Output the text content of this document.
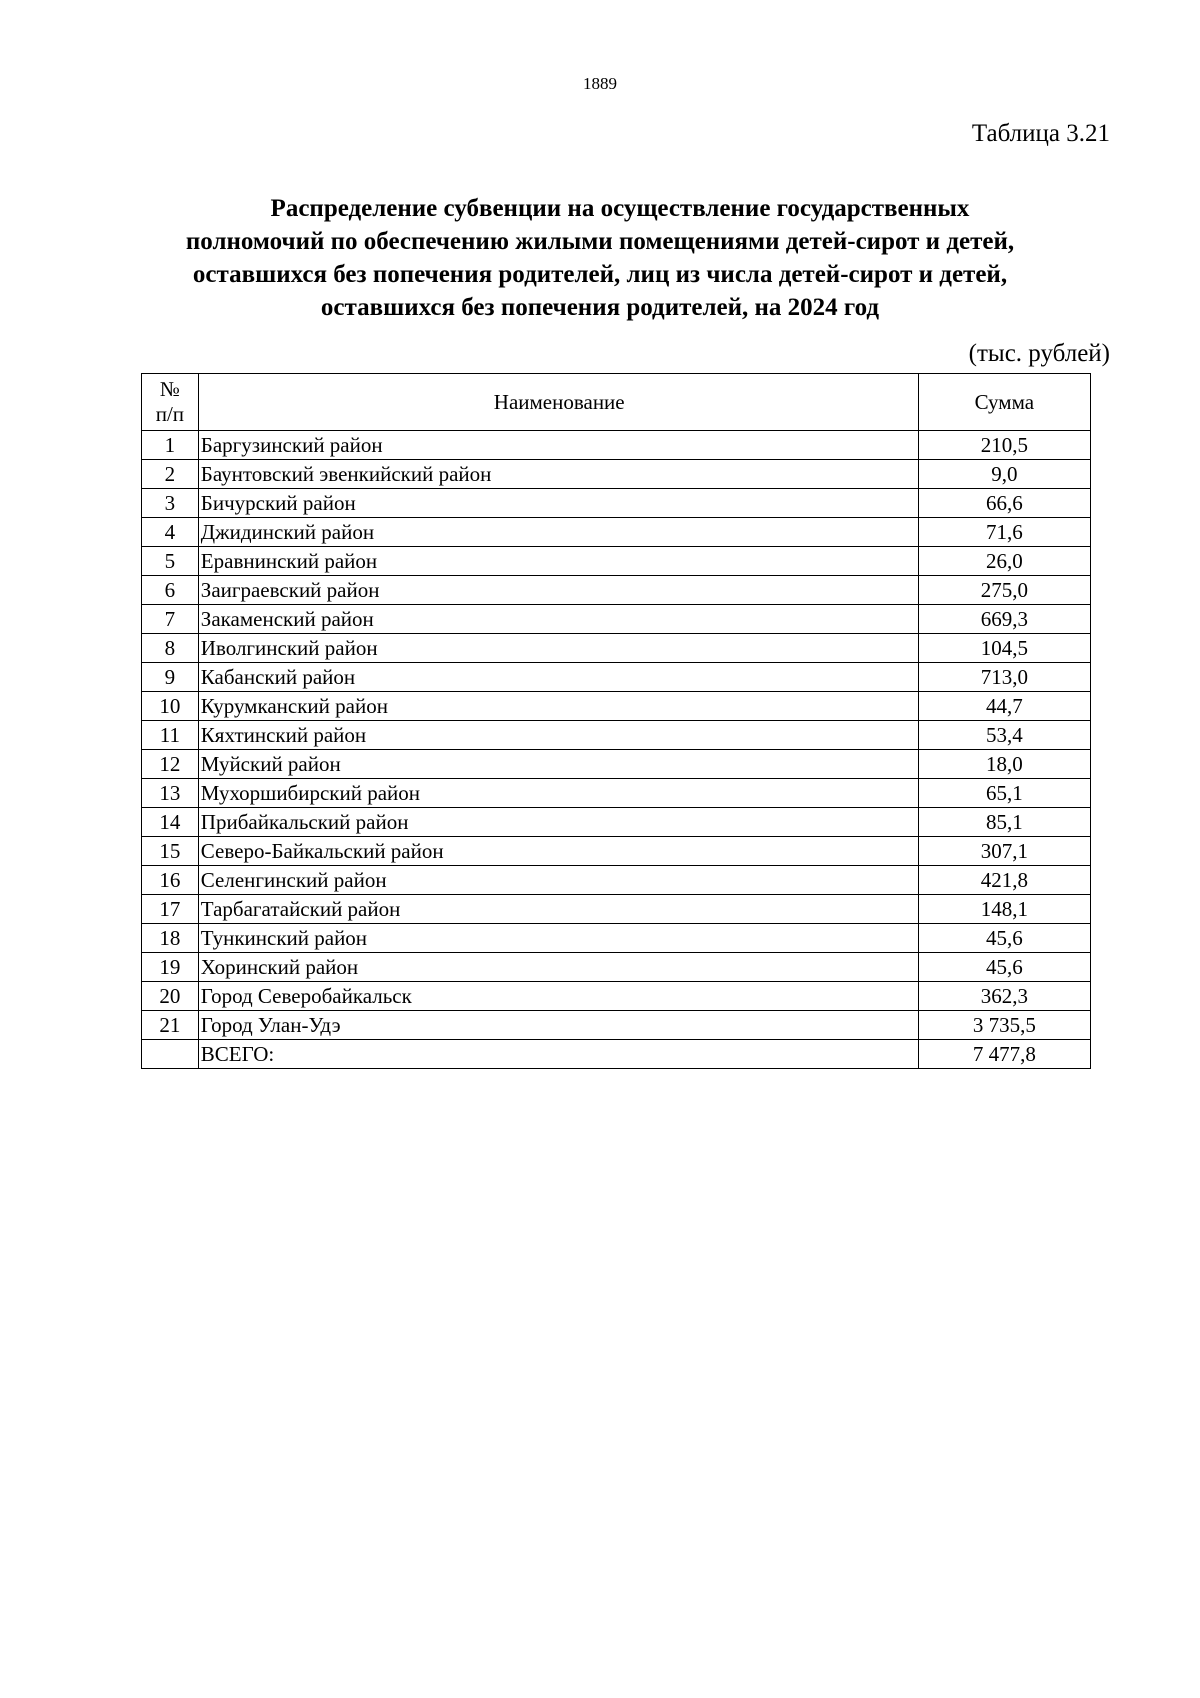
1889
Таблица 3.21
Распределение субвенции на осуществление государственных
полномочий по обеспечению жилыми помещениями детей-сирот и детей,
оставшихся без попечения родителей, лиц из числа детей-сирот и детей,
оставшихся без попечения родителей, на 2024 год
(тыс. рублей)
№
п/п	Наименование	Сумма
1	Баргузинский район	210,5
2	Баунтовский эвенкийский район	9,0
3	Бичурский район	66,6
4	Джидинский район	71,6
5	Еравнинский район	26,0
6	Заиграевский район	275,0
7	Закаменский район	669,3
8	Иволгинский район	104,5
9	Кабанский район	713,0
10	Курумканский район	44,7
11	Кяхтинский район	53,4
12	Муйский район	18,0
13	Мухоршибирский район	65,1
14	Прибайкальский район	85,1
15	Северо-Байкальский район	307,1
16	Селенгинский район	421,8
17	Тарбагатайский район	148,1
18	Тункинский район	45,6
19	Хоринский район	45,6
20	Город Северобайкальск	362,3
21	Город Улан-Удэ	3 735,5
	ВСЕГО:	7 477,8
